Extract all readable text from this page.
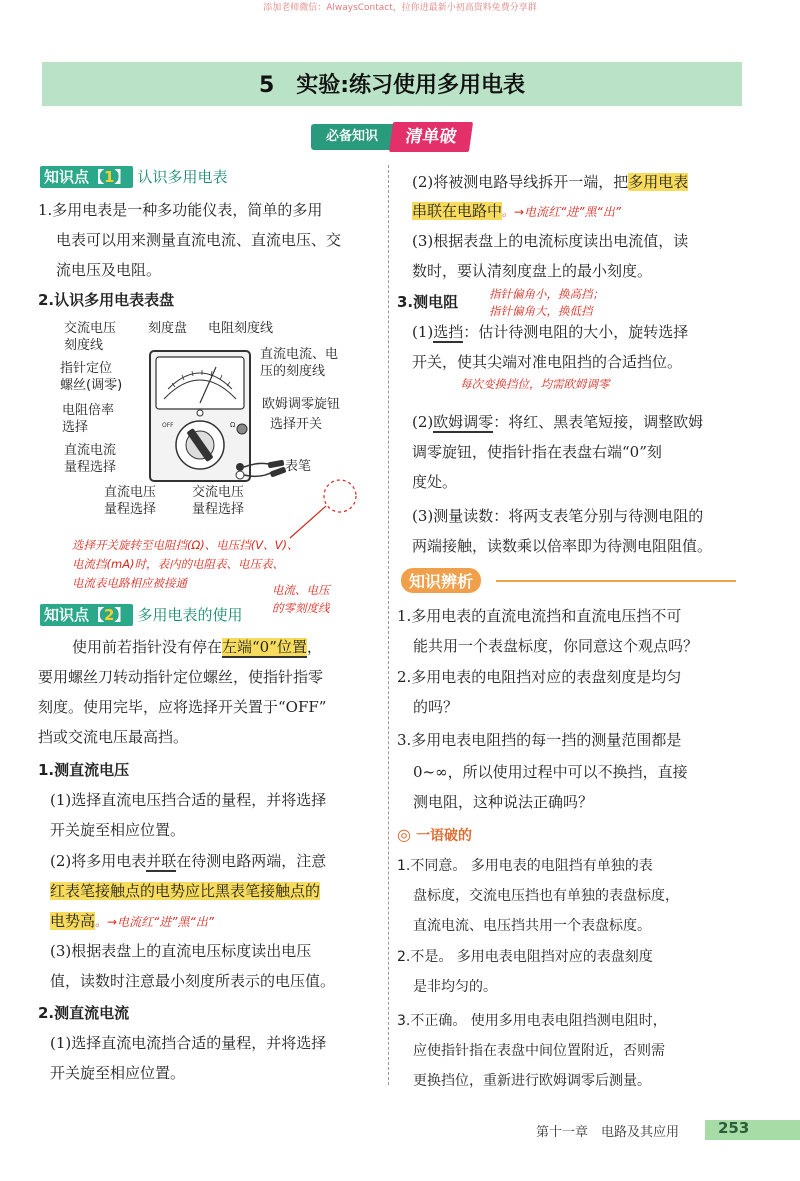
添加老师微信：AlwaysContact，拉你进最新小初高资料免费分享群
5　实验:练习使用多用电表
必备知识	清单破
知识点【1】 认识多用电表
1.多用电表是一种多功能仪表，简单的多用
电表可以用来测量直流电流、直流电压、交
流电压及电阻。
2.认识多用电表表盘
OFF	Ω
交流电压
刻度线
刻度盘 电阻刻度线
指针定位
螺丝(调零)
直流电流、电
压的刻度线
电阻倍率
选择
欧姆调零旋钮
选择开关
直流电流
量程选择	表笔
直流电压
量程选择
交流电压
量程选择
选择开关旋转至电阻挡(Ω)、电压挡(V、V)、
电流挡(mA)时，表内的电阻表、电压表、
电流表电路相应被接通	电流、电压
的零刻度线
知识点【2】 多用电表的使用
使用前若指针没有停在左端“0”位置，
要用螺丝刀转动指针定位螺丝，使指针指零
刻度。使用完毕，应将选择开关置于“OFF”
挡或交流电压最高挡。
1.测直流电压
(1)选择直流电压挡合适的量程，并将选择
开关旋至相应位置。
(2)将多用电表并联在待测电路两端，注意
红表笔接触点的电势应比黑表笔接触点的
电势高。→电流红“进”黑“出”
(3)根据表盘上的直流电压标度读出电压
值，读数时注意最小刻度所表示的电压值。
2.测直流电流
(1)选择直流电流挡合适的量程，并将选择
开关旋至相应位置。
(2)将被测电路导线拆开一端，把多用电表
串联在电路中。→电流红“进”黑“出”
(3)根据表盘上的电流标度读出电流值，读
数时，要认清刻度盘上的最小刻度。
3.测电阻	指针偏角小，换高挡；
指针偏角大，换低挡
(1)选挡：估计待测电阻的大小，旋转选择
开关，使其尖端对准电阻挡的合适挡位。
每次变换挡位，均需欧姆调零
(2)欧姆调零：将红、黑表笔短接，调整欧姆
调零旋钮，使指针指在表盘右端“0”刻
度处。
(3)测量读数：将两支表笔分别与待测电阻的
两端接触，读数乘以倍率即为待测电阻阻值。
知识辨析
1.多用电表的直流电流挡和直流电压挡不可
能共用一个表盘标度，你同意这个观点吗？
2.多用电表的电阻挡对应的表盘刻度是均匀
的吗？
3.多用电表电阻挡的每一挡的测量范围都是
0~∞，所以使用过程中可以不换挡，直接
测电阻，这种说法正确吗？
◎ 一语破的
1.不同意。 多用电表的电阻挡有单独的表
盘标度，交流电压挡也有单独的表盘标度，
直流电流、电压挡共用一个表盘标度。
2.不是。 多用电表电阻挡对应的表盘刻度
是非均匀的。
3.不正确。 使用多用电表电阻挡测电阻时，
应使指针指在表盘中间位置附近，否则需
更换挡位，重新进行欧姆调零后测量。
第十一章　电路及其应用	253
